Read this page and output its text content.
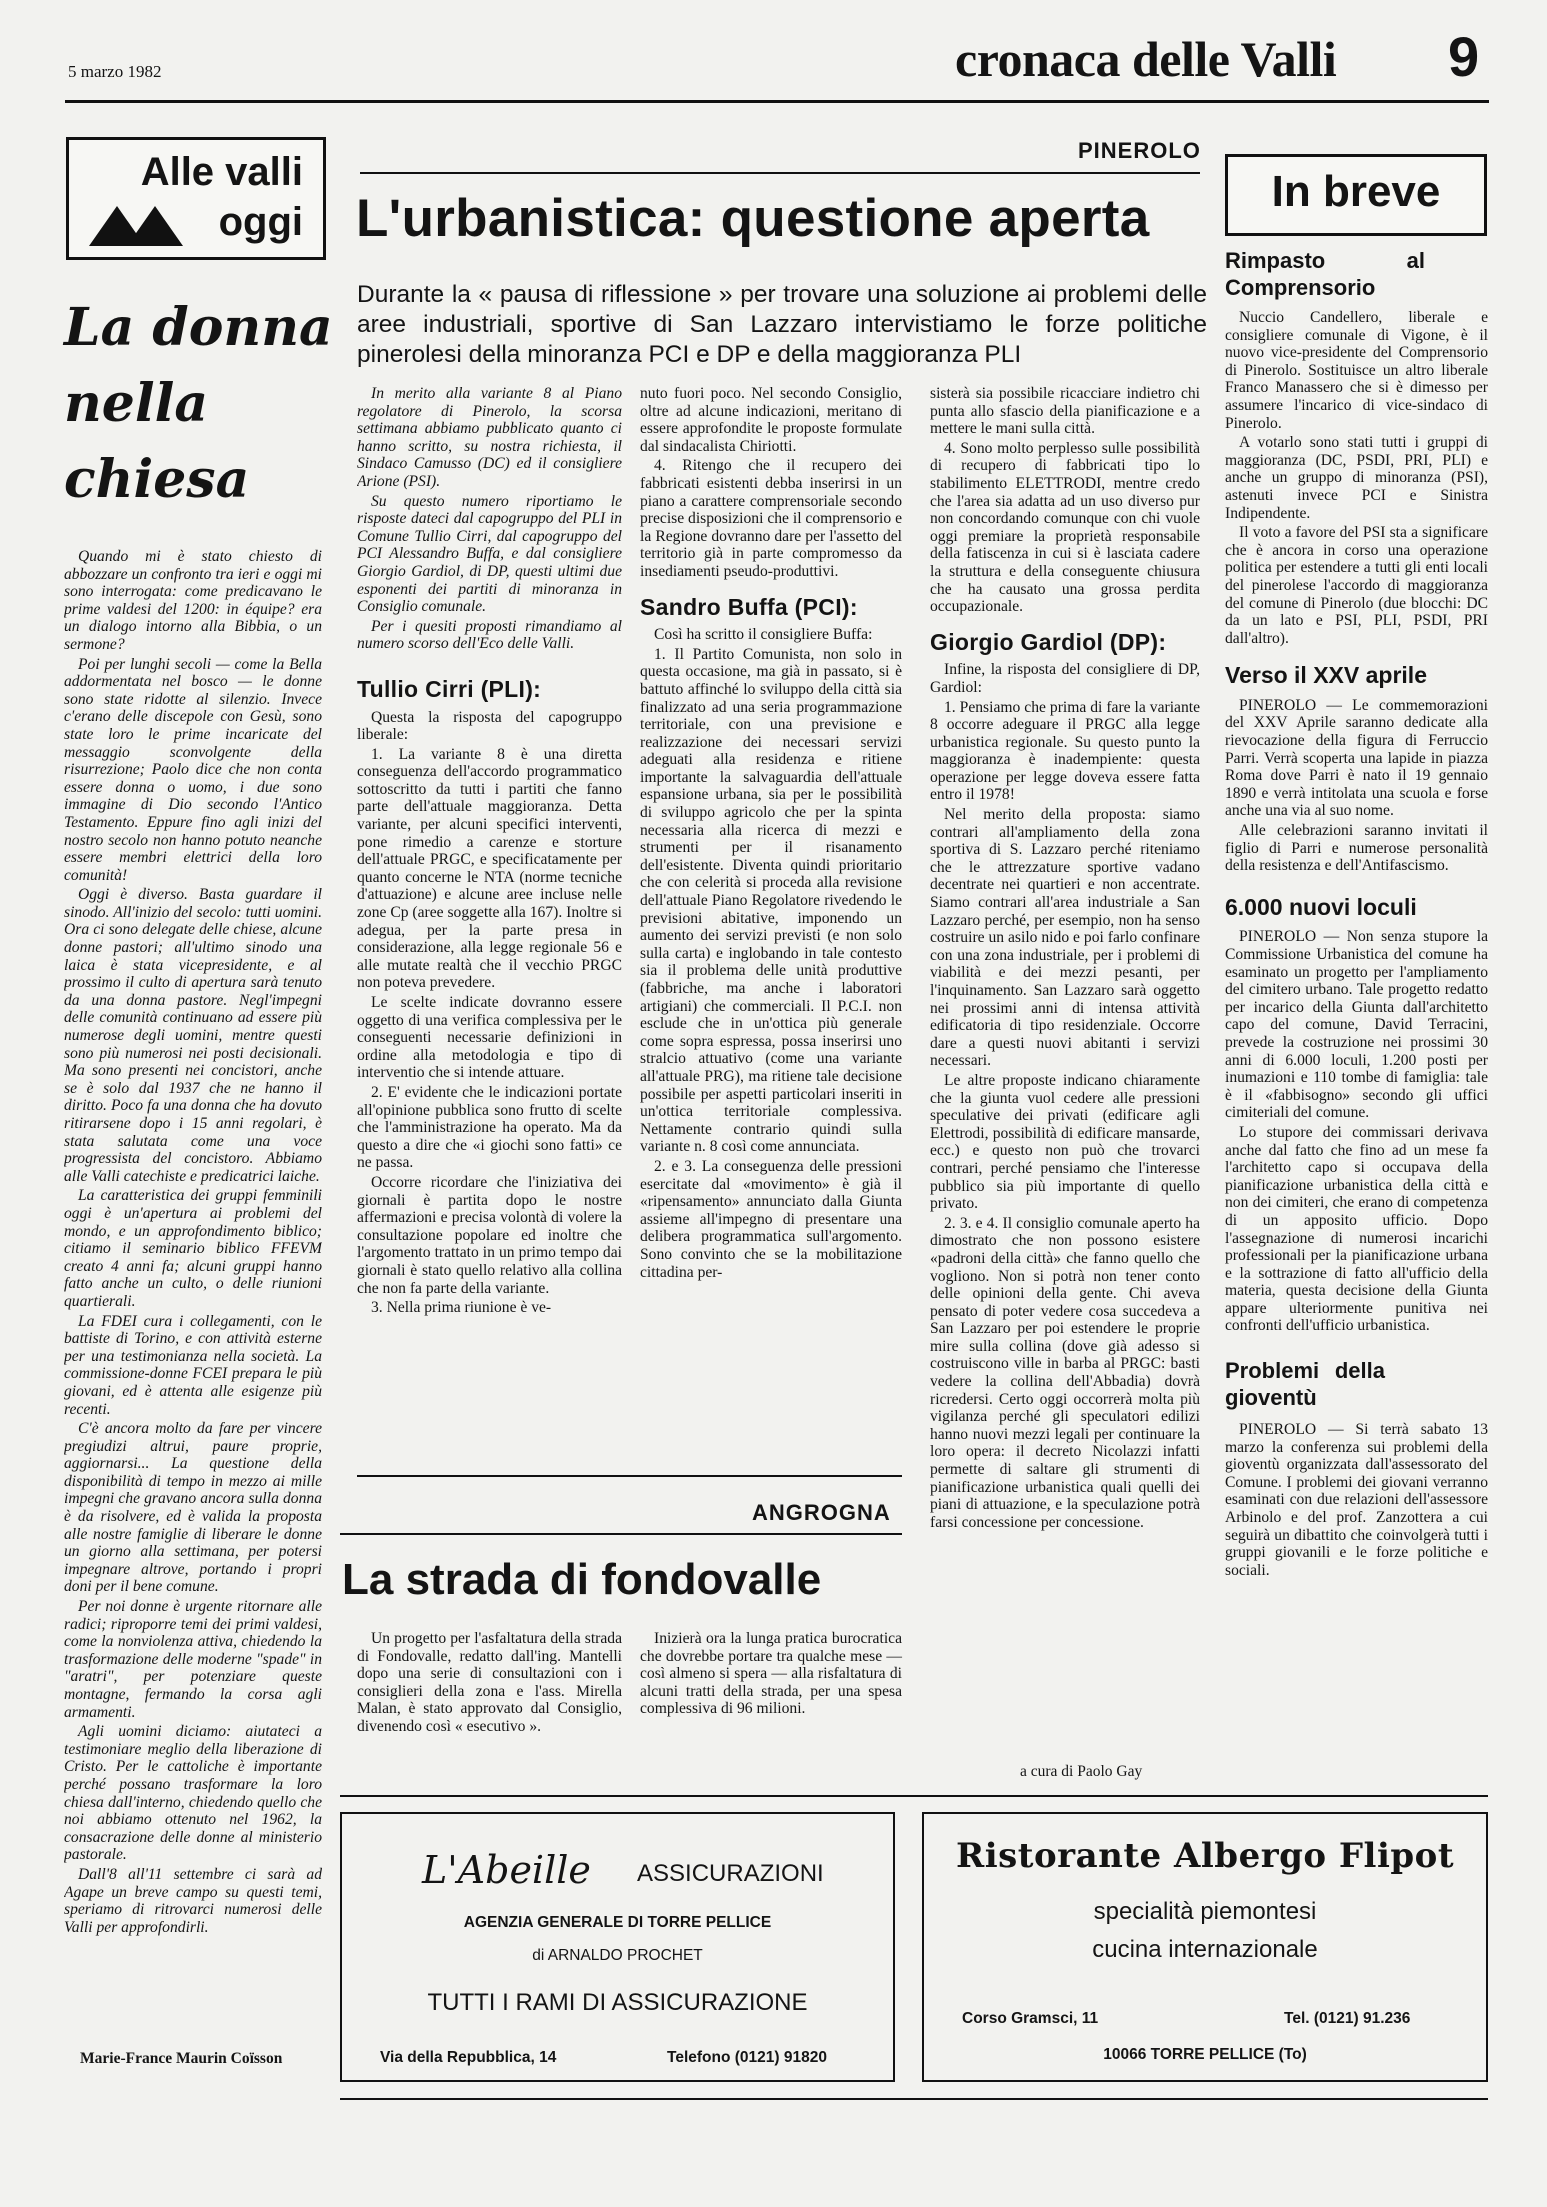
5 marzo 1982	cronaca delle Valli 9
Alle valli
oggi
La donna
nella
chiesa

Quando mi è stato chiesto di abbozzare un confronto tra ieri e oggi mi sono interrogata: come predicavano le prime valdesi del 1200: in équipe? era un dialogo intorno alla Bibbia, o un sermone?

Poi per lunghi secoli — come la Bella addormentata nel bosco — le donne sono state ridotte al silenzio. Invece c'erano delle discepole con Gesù, sono state loro le prime incaricate del messaggio sconvolgente della risurrezione; Paolo dice che non conta essere donna o uomo, i due sono immagine di Dio secondo l'Antico Testamento. Eppure fino agli inizi del nostro secolo non hanno potuto neanche essere membri elettrici della loro comunità!

Oggi è diverso. Basta guardare il sinodo. All'inizio del secolo: tutti uomini. Ora ci sono delegate delle chiese, alcune donne pastori; all'ultimo sinodo una laica è stata vicepresidente, e al prossimo il culto di apertura sarà tenuto da una donna pastore. Negl'impegni delle comunità continuano ad essere più numerose degli uomini, mentre questi sono più numerosi nei posti decisionali. Ma sono presenti nei concistori, anche se è solo dal 1937 che ne hanno il diritto. Poco fa una donna che ha dovuto ritirarsene dopo i 15 anni regolari, è stata salutata come una voce progressista del concistoro. Abbiamo alle Valli catechiste e predicatrici laiche.

La caratteristica dei gruppi femminili oggi è un'apertura ai problemi del mondo, e un approfondimento biblico; citiamo il seminario biblico FFEVM creato 4 anni fa; alcuni gruppi hanno fatto anche un culto, o delle riunioni quartierali.

La FDEI cura i collegamenti, con le battiste di Torino, e con attività esterne per una testimonianza nella società. La commissione-donne FCEI prepara le più giovani, ed è attenta alle esigenze più recenti.

C'è ancora molto da fare per vincere pregiudizi altrui, paure proprie, aggiornarsi... La questione della disponibilità di tempo in mezzo ai mille impegni che gravano ancora sulla donna è da risolvere, ed è valida la proposta alle nostre famiglie di liberare le donne un giorno alla settimana, per potersi impegnare altrove, portando i propri doni per il bene comune.

Per noi donne è urgente ritornare alle radici; riproporre temi dei primi valdesi, come la nonviolenza attiva, chiedendo la trasformazione delle moderne "spade" in "aratri", per potenziare queste montagne, fermando la corsa agli armamenti.

Agli uomini diciamo: aiutateci a testimoniare meglio della liberazione di Cristo. Per le cattoliche è importante perché possano trasformare la loro chiesa dall'interno, chiedendo quello che noi abbiamo ottenuto nel 1962, la consacrazione delle donne al ministerio pastorale.

Dall'8 all'11 settembre ci sarà ad Agape un breve campo su questi temi, speriamo di ritrovarci numerosi delle Valli per approfondirli.

Marie-France Maurin Coïsson
PINEROLO
L'urbanistica: questione aperta
Durante la « pausa di riflessione » per trovare una soluzione ai problemi delle aree industriali, sportive di San Lazzaro intervistiamo le forze politiche pinerolesi della minoranza PCI e DP e della maggioranza PLI

In merito alla variante 8 al Piano regolatore di Pinerolo, la scorsa settimana abbiamo pubblicato quanto ci hanno scritto, su nostra richiesta, il Sindaco Camusso (DC) ed il consigliere Arione (PSI).

Su questo numero riportiamo le risposte dateci dal capogruppo del PLI in Comune Tullio Cirri, dal capogruppo del PCI Alessandro Buffa, e dal consigliere Giorgio Gardiol, di DP, questi ultimi due esponenti dei partiti di minoranza in Consiglio comunale.

Per i quesiti proposti rimandiamo al numero scorso dell'Eco delle Valli.

Tullio Cirri (PLI):

Questa la risposta del capogruppo liberale:

1. La variante 8 è una diretta conseguenza dell'accordo programmatico sottoscritto da tutti i partiti che fanno parte dell'attuale maggioranza. Detta variante, per alcuni specifici interventi, pone rimedio a carenze e storture dell'attuale PRGC, e specificatamente per quanto concerne le NTA (norme tecniche d'attuazione) e alcune aree incluse nelle zone Cp (aree soggette alla 167). Inoltre si adegua, per la parte presa in considerazione, alla legge regionale 56 e alle mutate realtà che il vecchio PRGC non poteva prevedere.

Le scelte indicate dovranno essere oggetto di una verifica complessiva per le conseguenti necessarie definizioni in ordine alla metodologia e tipo di interventio che si intende attuare.

2. E' evidente che le indicazioni portate all'opinione pubblica sono frutto di scelte che l'amministrazione ha operato. Ma da questo a dire che «i giochi sono fatti» ce ne passa.

Occorre ricordare che l'iniziativa dei giornali è partita dopo le nostre affermazioni e precisa volontà di volere la consultazione popolare ed inoltre che l'argomento trattato in un primo tempo dai giornali è stato quello relativo alla collina che non fa parte della variante.

3. Nella prima riunione è ve-

nuto fuori poco. Nel secondo Consiglio, oltre ad alcune indicazioni, meritano di essere approfondite le proposte formulate dal sindacalista Chiriotti.

4. Ritengo che il recupero dei fabbricati esistenti debba inserirsi in un piano a carattere comprensoriale secondo precise disposizioni che il comprensorio e la Regione dovranno dare per l'assetto del territorio già in parte compromesso da insediamenti pseudo-produttivi.

Sandro Buffa (PCI):

Così ha scritto il consigliere Buffa:

1. Il Partito Comunista, non solo in questa occasione, ma già in passato, si è battuto affinché lo sviluppo della città sia finalizzato ad una seria programmazione territoriale, con una previsione e realizzazione dei necessari servizi adeguati alla residenza e ritiene importante la salvaguardia dell'attuale espansione urbana, sia per le possibilità di sviluppo agricolo che per la spinta necessaria alla ricerca di mezzi e strumenti per il risanamento dell'esistente. Diventa quindi prioritario che con celerità si proceda alla revisione dell'attuale Piano Regolatore rivedendo le previsioni abitative, imponendo un aumento dei servizi previsti (e non solo sulla carta) e inglobando in tale contesto sia il problema delle unità produttive (fabbriche, ma anche i laboratori artigiani) che commerciali. Il P.C.I. non esclude che in un'ottica più generale come sopra espressa, possa inserirsi uno stralcio attuativo (come una variante all'attuale PRG), ma ritiene tale decisione possibile per aspetti particolari inseriti in un'ottica territoriale complessiva. Nettamente contrario quindi sulla variante n. 8 così come annunciata.

2. e 3. La conseguenza delle pressioni esercitate dal «movimento» è già il «ripensamento» annunciato dalla Giunta assieme all'impegno di presentare una delibera programmatica sull'argomento. Sono convinto che se la mobilitazione cittadina per-

sisterà sia possibile ricacciare indietro chi punta allo sfascio della pianificazione e a mettere le mani sulla città.

4. Sono molto perplesso sulle possibilità di recupero di fabbricati tipo lo stabilimento ELETTRODI, mentre credo che l'area sia adatta ad un uso diverso pur non concordando comunque con chi vuole oggi premiare la proprietà responsabile della fatiscenza in cui si è lasciata cadere la struttura e della conseguente chiusura che ha causato una grossa perdita occupazionale.

Giorgio Gardiol (DP):

Infine, la risposta del consigliere di DP, Gardiol:

1. Pensiamo che prima di fare la variante 8 occorre adeguare il PRGC alla legge urbanistica regionale. Su questo punto la maggioranza è inadempiente: questa operazione per legge doveva essere fatta entro il 1978!

Nel merito della proposta: siamo contrari all'ampliamento della zona sportiva di S. Lazzaro perché riteniamo che le attrezzature sportive vadano decentrate nei quartieri e non accentrate. Siamo contrari all'area industriale a San Lazzaro perché, per esempio, non ha senso costruire un asilo nido e poi farlo confinare con una zona industriale, per i problemi di viabilità e dei mezzi pesanti, per l'inquinamento. San Lazzaro sarà oggetto nei prossimi anni di intensa attività edificatoria di tipo residenziale. Occorre dare a questi nuovi abitanti i servizi necessari.

Le altre proposte indicano chiaramente che la giunta vuol cedere alle pressioni speculative dei privati (edificare agli Elettrodi, possibilità di edificare mansarde, ecc.) e questo non può che trovarci contrari, perché pensiamo che l'interesse pubblico sia più importante di quello privato.

2. 3. e 4. Il consiglio comunale aperto ha dimostrato che non possono esistere «padroni della città» che fanno quello che vogliono. Non si potrà non tener conto delle opinioni della gente. Chi aveva pensato di poter vedere cosa succedeva a San Lazzaro per poi estendere le proprie mire sulla collina (dove già adesso si costruiscono ville in barba al PRGC: basti vedere la collina dell'Abbadia) dovrà ricredersi. Certo oggi occorrerà molta più vigilanza perché gli speculatori edilizi hanno nuovi mezzi legali per continuare la loro opera: il decreto Nicolazzi infatti permette di saltare gli strumenti di pianificazione urbanistica quali quelli dei piani di attuazione, e la speculazione potrà farsi concessione per concessione.

a cura di Paolo Gay
ANGROGNA
La strada di fondovalle

Un progetto per l'asfaltatura della strada di Fondovalle, redatto dall'ing. Mantelli dopo una serie di consultazioni con i consiglieri della zona e l'ass. Mirella Malan, è stato approvato dal Consiglio, divenendo così « esecutivo ».

Inizierà ora la lunga pratica burocratica che dovrebbe portare tra qualche mese — così almeno si spera — alla risfaltatura di alcuni tratti della strada, per una spesa complessiva di 96 milioni.

In breve
Rimpasto al Comprensorio

Nuccio Candellero, liberale e consigliere comunale di Vigone, è il nuovo vice-presidente del Comprensorio di Pinerolo. Sostituisce un altro liberale Franco Manassero che si è dimesso per assumere l'incarico di vice-sindaco di Pinerolo.

A votarlo sono stati tutti i gruppi di maggioranza (DC, PSDI, PRI, PLI) e anche un gruppo di minoranza (PSI), astenuti invece PCI e Sinistra Indipendente.

Il voto a favore del PSI sta a significare che è ancora in corso una operazione politica per estendere a tutti gli enti locali del pinerolese l'accordo di maggioranza del comune di Pinerolo (due blocchi: DC da un lato e PSI, PLI, PSDI, PRI dall'altro).

Verso il XXV aprile

PINEROLO — Le commemorazioni del XXV Aprile saranno dedicate alla rievocazione della figura di Ferruccio Parri. Verrà scoperta una lapide in piazza Roma dove Parri è nato il 19 gennaio 1890 e verrà intitolata una scuola e forse anche una via al suo nome.

Alle celebrazioni saranno invitati il figlio di Parri e numerose personalità della resistenza e dell'Antifascismo.

6.000 nuovi loculi

PINEROLO — Non senza stupore la Commissione Urbanistica del comune ha esaminato un progetto per l'ampliamento del cimitero urbano. Tale progetto redatto per incarico della Giunta dall'architetto capo del comune, David Terracini, prevede la costruzione nei prossimi 30 anni di 6.000 loculi, 1.200 posti per inumazioni e 110 tombe di famiglia: tale è il «fabbisogno» secondo gli uffici cimiteriali del comune.

Lo stupore dei commissari derivava anche dal fatto che fino ad un mese fa l'architetto capo si occupava della pianificazione urbanistica della città e non dei cimiteri, che erano di competenza di un apposito ufficio. Dopo l'assegnazione di numerosi incarichi professionali per la pianificazione urbana e la sottrazione di fatto all'ufficio della materia, questa decisione della Giunta appare ulteriormente punitiva nei confronti dell'ufficio urbanistica.

Problemi della gioventù

PINEROLO — Si terrà sabato 13 marzo la conferenza sui problemi della gioventù organizzata dall'assessorato del Comune. I problemi dei giovani verranno esaminati con due relazioni dell'assessore Arbinolo e del prof. Zanzottera a cui seguirà un dibattito che coinvolgerà tutti i gruppi giovanili e le forze politiche e sociali.

L'Abeille ASSICURAZIONI
AGENZIA GENERALE DI TORRE PELLICE
di ARNALDO PROCHET
TUTTI I RAMI DI ASSICURAZIONE
Via della Repubblica, 14	Telefono (0121) 91820
Ristorante Albergo Flipot
specialità piemontesi
cucina internazionale
Corso Gramsci, 11	Tel. (0121) 91.236
10066 TORRE PELLICE (To)
